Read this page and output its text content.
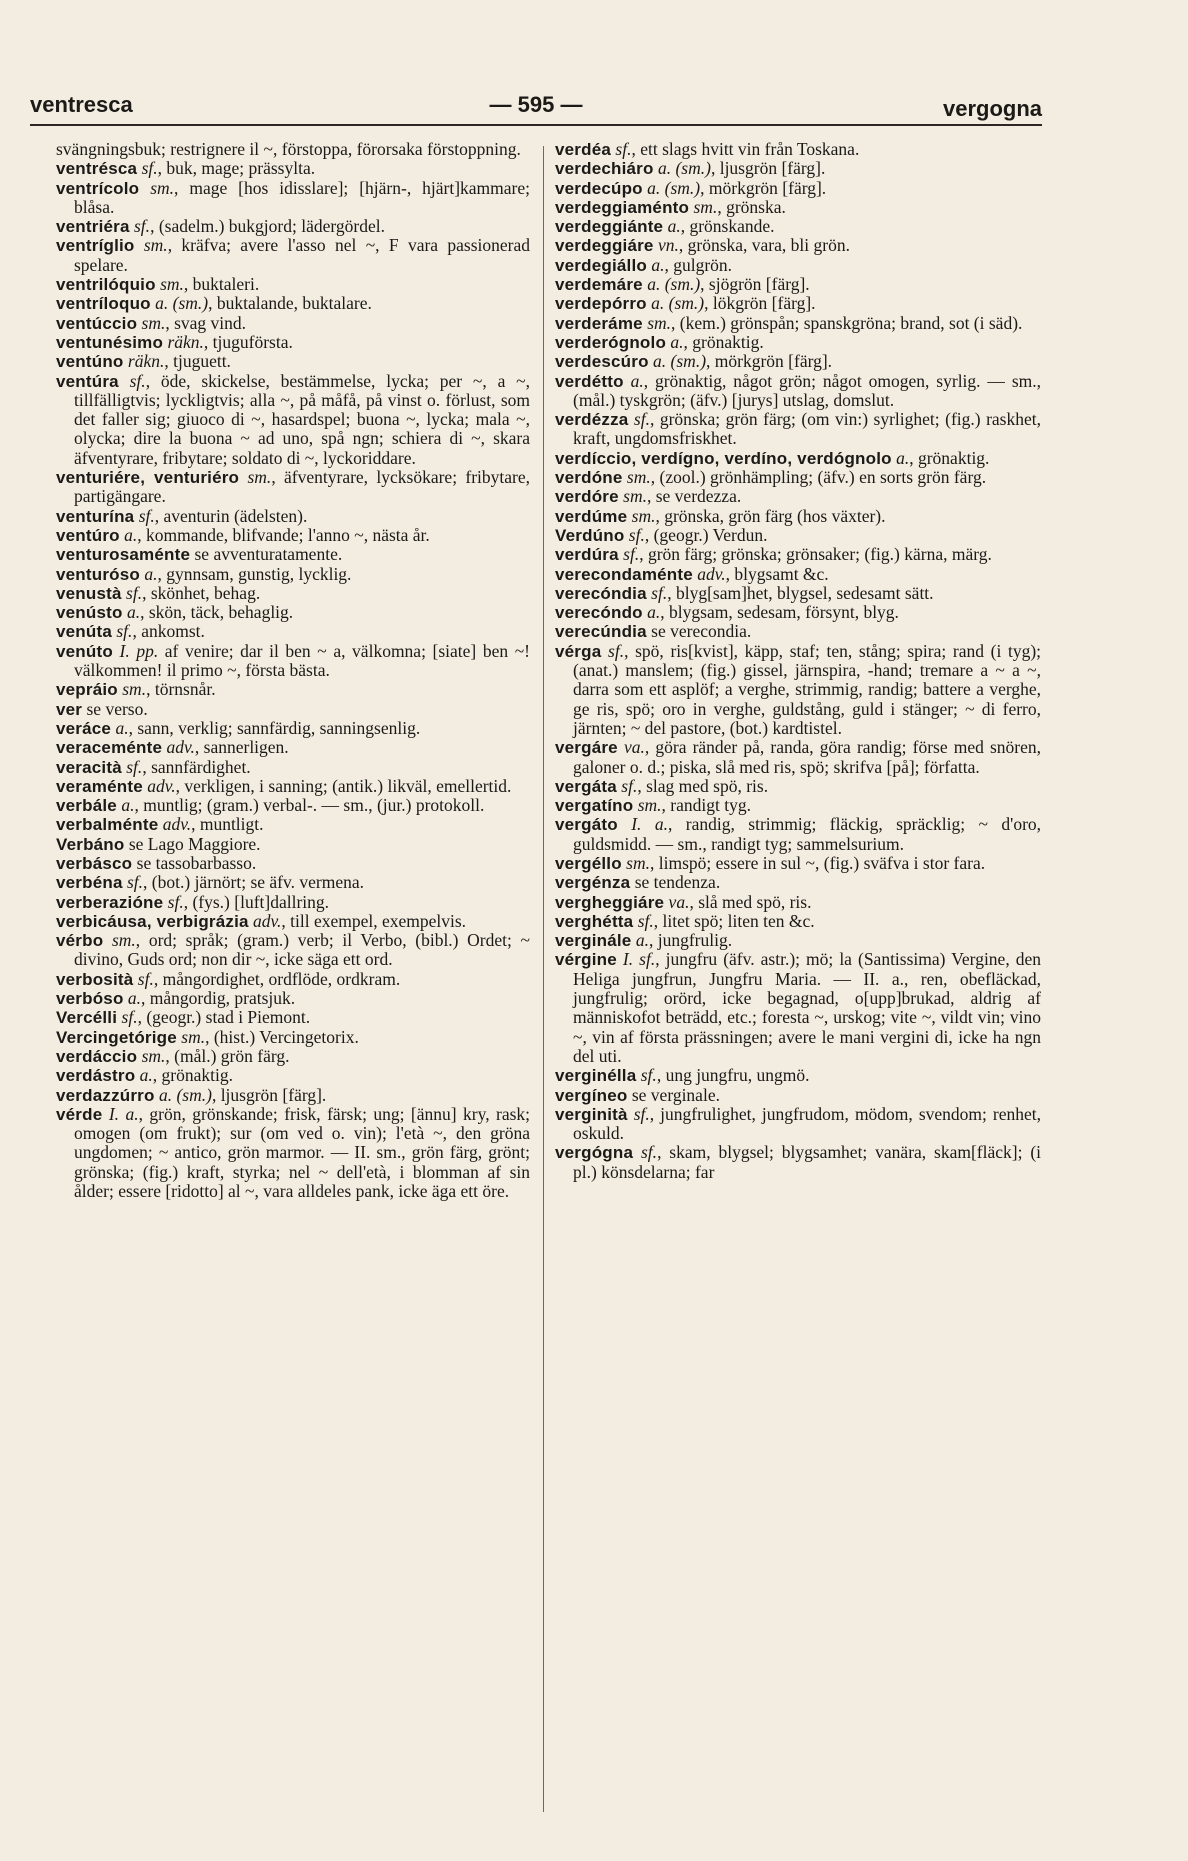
ventresca	— 595 —	vergogna

svängningsbuk; restrignere il ~, förstoppa, förorsaka förstoppning.

ventrésca sf., buk, mage; prässylta.

ventrícolo sm., mage [hos idisslare]; [hjärn-, hjärt]kammare; blåsa.

ventriéra sf., (sadelm.) bukgjord; lädergördel.

ventríglio sm., kräfva; avere l'asso nel ~, F vara passionerad spelare.

ventrilóquio sm., buktaleri.

ventríloquo a. (sm.), buktalande, buktalare.

ventúccio sm., svag vind.

ventunésimo räkn., tjuguförsta.

ventúno räkn., tjuguett.

ventúra sf., öde, skickelse, bestämmelse, lycka; per ~, a ~, tillfälligtvis; lyckligtvis; alla ~, på måfå, på vinst o. förlust, som det faller sig; giuoco di ~, hasardspel; buona ~, lycka; mala ~, olycka; dire la buona ~ ad uno, spå ngn; schiera di ~, skara äfventyrare, fribytare; soldato di ~, lyckoriddare.

venturiére, venturiéro sm., äfventyrare, lycksökare; fribytare, partigängare.

venturína sf., aventurin (ädelsten).

ventúro a., kommande, blifvande; l'anno ~, nästa år.

venturosaménte se avventuratamente.

venturóso a., gynnsam, gunstig, lycklig.

venustà sf., skönhet, behag.

venústo a., skön, täck, behaglig.

venúta sf., ankomst.

venúto I. pp. af venire; dar il ben ~ a, välkomna; [siate] ben ~! välkommen! il primo ~, första bästa.

vepráio sm., törnsnår.

ver se verso.

veráce a., sann, verklig; sannfärdig, sanningsenlig.

veraceménte adv., sannerligen.

veracità sf., sannfärdighet.

veraménte adv., verkligen, i sanning; (antik.) likväl, emellertid.

verbále a., muntlig; (gram.) verbal-. — sm., (jur.) protokoll.

verbalménte adv., muntligt.

Verbáno se Lago Maggiore.

verbásco se tassobarbasso.

verbéna sf., (bot.) järnört; se äfv. vermena.

verberazióne sf., (fys.) [luft]dallring.

verbicáusa, verbigrázia adv., till exempel, exempelvis.

vérbo sm., ord; språk; (gram.) verb; il Verbo, (bibl.) Ordet; ~ divino, Guds ord; non dir ~, icke säga ett ord.

verbosità sf., mångordighet, ordflöde, ordkram.

verbóso a., mångordig, pratsjuk.

Vercélli sf., (geogr.) stad i Piemont.

Vercingetórige sm., (hist.) Vercingetorix.

verdáccio sm., (mål.) grön färg.

verdástro a., grönaktig.

verdazzúrro a. (sm.), ljusgrön [färg].

vérde I. a., grön, grönskande; frisk, färsk; ung; [ännu] kry, rask; omogen (om frukt); sur (om ved o. vin); l'età ~, den gröna ungdomen; ~ antico, grön marmor. — II. sm., grön färg, grönt; grönska; (fig.) kraft, styrka; nel ~ dell'età, i blomman af sin ålder; essere [ridotto] al ~, vara alldeles pank, icke äga ett öre.

verdéa sf., ett slags hvitt vin från Toskana.

verdechiáro a. (sm.), ljusgrön [färg].

verdecúpo a. (sm.), mörkgrön [färg].

verdeggiaménto sm., grönska.

verdeggiánte a., grönskande.

verdeggiáre vn., grönska, vara, bli grön.

verdegiállo a., gulgrön.

verdemáre a. (sm.), sjögrön [färg].

verdepórro a. (sm.), lökgrön [färg].

verderáme sm., (kem.) grönspån; spanskgröna; brand, sot (i säd).

verderógnolo a., grönaktig.

verdescúro a. (sm.), mörkgrön [färg].

verdétto a., grönaktig, något grön; något omogen, syrlig. — sm., (mål.) tyskgrön; (äfv.) [jurys] utslag, domslut.

verdézza sf., grönska; grön färg; (om vin:) syrlighet; (fig.) raskhet, kraft, ungdomsfriskhet.

verdíccio, verdígno, verdíno, verdógnolo a., grönaktig.

verdóne sm., (zool.) grönhämpling; (äfv.) en sorts grön färg.

verdóre sm., se verdezza.

verdúme sm., grönska, grön färg (hos växter).

Verdúno sf., (geogr.) Verdun.

verdúra sf., grön färg; grönska; grönsaker; (fig.) kärna, märg.

verecondaménte adv., blygsamt &c.

verecóndia sf., blyg[sam]het, blygsel, sedesamt sätt.

verecóndo a., blygsam, sedesam, försynt, blyg.

verecúndia se verecondia.

vérga sf., spö, ris[kvist], käpp, staf; ten, stång; spira; rand (i tyg); (anat.) manslem; (fig.) gissel, järnspira, -hand; tremare a ~ a ~, darra som ett asplöf; a verghe, strimmig, randig; battere a verghe, ge ris, spö; oro in verghe, guldstång, guld i stänger; ~ di ferro, järnten; ~ del pastore, (bot.) kardtistel.

vergáre va., göra ränder på, randa, göra randig; förse med snören, galoner o. d.; piska, slå med ris, spö; skrifva [på]; författa.

vergáta sf., slag med spö, ris.

vergatíno sm., randigt tyg.

vergáto I. a., randig, strimmig; fläckig, spräcklig; ~ d'oro, guldsmidd. — sm., randigt tyg; sammelsurium.

vergéllo sm., limspö; essere in sul ~, (fig.) sväfva i stor fara.

vergénza se tendenza.

vergheggiáre va., slå med spö, ris.

verghétta sf., litet spö; liten ten &c.

verginále a., jungfrulig.

vérgine I. sf., jungfru (äfv. astr.); mö; la (Santissima) Vergine, den Heliga jungfrun, Jungfru Maria. — II. a., ren, obefläckad, jungfrulig; orörd, icke begagnad, o[upp]brukad, aldrig af människofot beträdd, etc.; foresta ~, urskog; vite ~, vildt vin; vino ~, vin af första prässningen; avere le mani vergini di, icke ha ngn del uti.

verginélla sf., ung jungfru, ungmö.

vergíneo se verginale.

verginità sf., jungfrulighet, jungfrudom, mödom, svendom; renhet, oskuld.

vergógna sf., skam, blygsel; blygsamhet; vanära, skam[fläck]; (i pl.) könsdelarna; far
